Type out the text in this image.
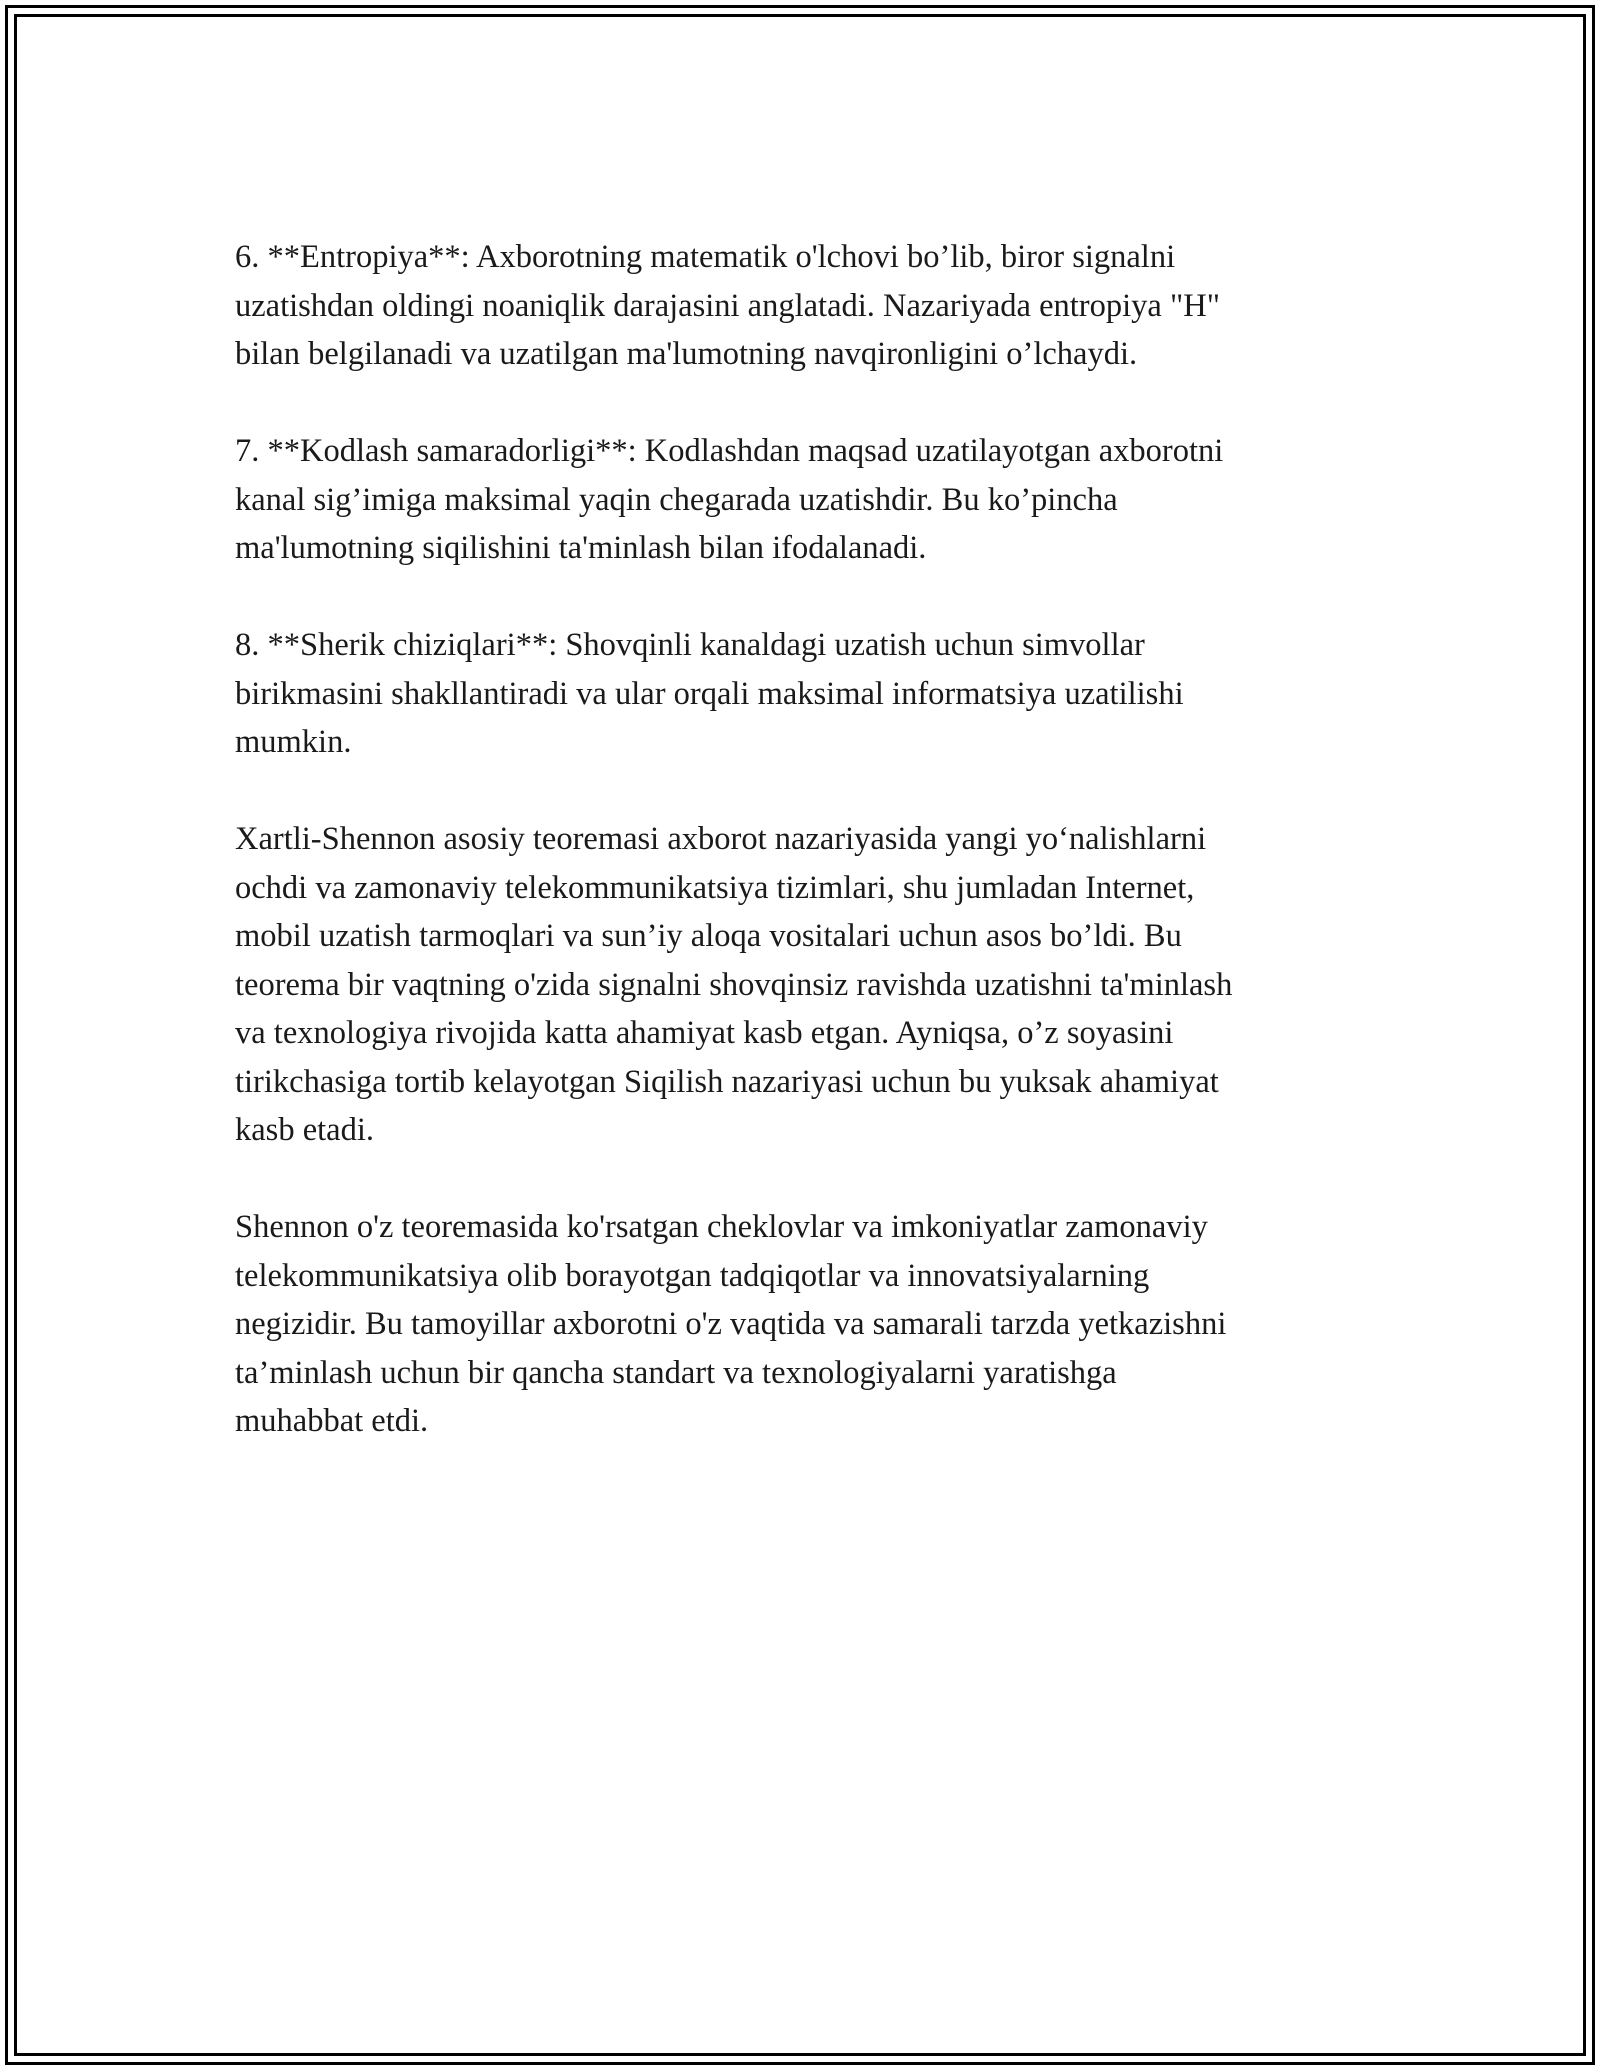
6. **Entropiya**: Axborotning matematik o'lchovi bo’lib, biror signalni
uzatishdan oldingi noaniqlik darajasini anglatadi. Nazariyada entropiya "H"
bilan belgilanadi va uzatilgan ma'lumotning navqironligini o’lchaydi.

7. **Kodlash samaradorligi**: Kodlashdan maqsad uzatilayotgan axborotni
kanal sig’imiga maksimal yaqin chegarada uzatishdir. Bu ko’pincha
ma'lumotning siqilishini ta'minlash bilan ifodalanadi.

8. **Sherik chiziqlari**: Shovqinli kanaldagi uzatish uchun simvollar
birikmasini shakllantiradi va ular orqali maksimal informatsiya uzatilishi
mumkin.

Xartli-Shennon asosiy teoremasi axborot nazariyasida yangi yo‘nalishlarni
ochdi va zamonaviy telekommunikatsiya tizimlari, shu jumladan Internet,
mobil uzatish tarmoqlari va sun’iy aloqa vositalari uchun asos bo’ldi. Bu
teorema bir vaqtning o'zida signalni shovqinsiz ravishda uzatishni ta'minlash
va texnologiya rivojida katta ahamiyat kasb etgan. Ayniqsa, o’z soyasini
tirikchasiga tortib kelayotgan Siqilish nazariyasi uchun bu yuksak ahamiyat
kasb etadi.

Shennon o'z teoremasida ko'rsatgan cheklovlar va imkoniyatlar zamonaviy
telekommunikatsiya olib borayotgan tadqiqotlar va innovatsiyalarning
negizidir. Bu tamoyillar axborotni o'z vaqtida va samarali tarzda yetkazishni
ta’minlash uchun bir qancha standart va texnologiyalarni yaratishga
muhabbat etdi.
